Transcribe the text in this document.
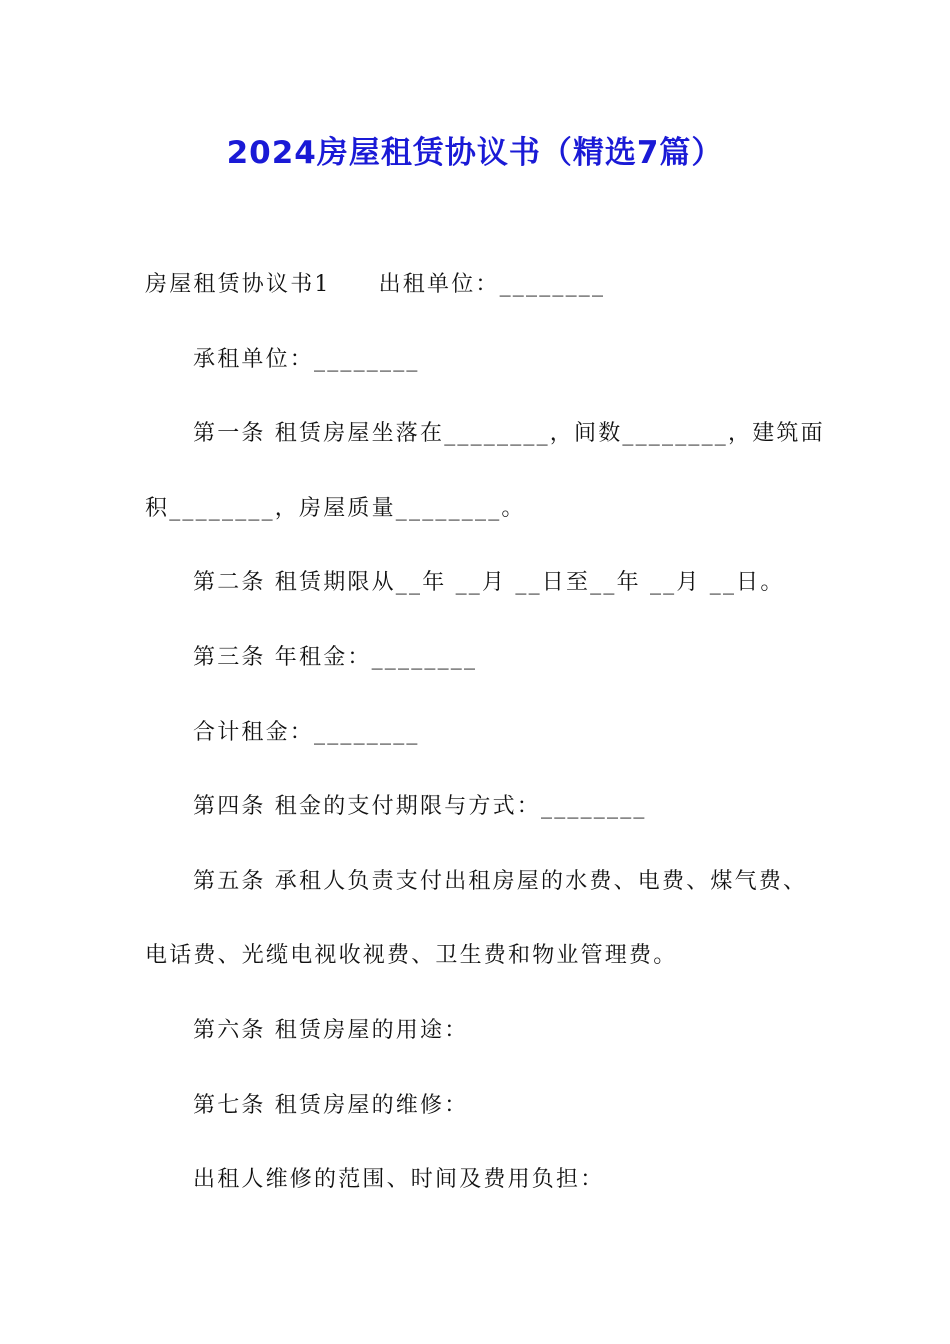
2024房屋租赁协议书（精选7篇）

房屋租赁协议书1 出租单位：________

承租单位：________

第一条 租赁房屋坐落在________，间数________，建筑面

积________，房屋质量________。

第二条 租赁期限从__年 __月 __日至__年 __月 __日。

第三条 年租金：________

合计租金：________

第四条 租金的支付期限与方式：________

第五条 承租人负责支付出租房屋的水费、电费、煤气费、

电话费、光缆电视收视费、卫生费和物业管理费。

第六条 租赁房屋的用途：

第七条 租赁房屋的维修：

出租人维修的范围、时间及费用负担：
